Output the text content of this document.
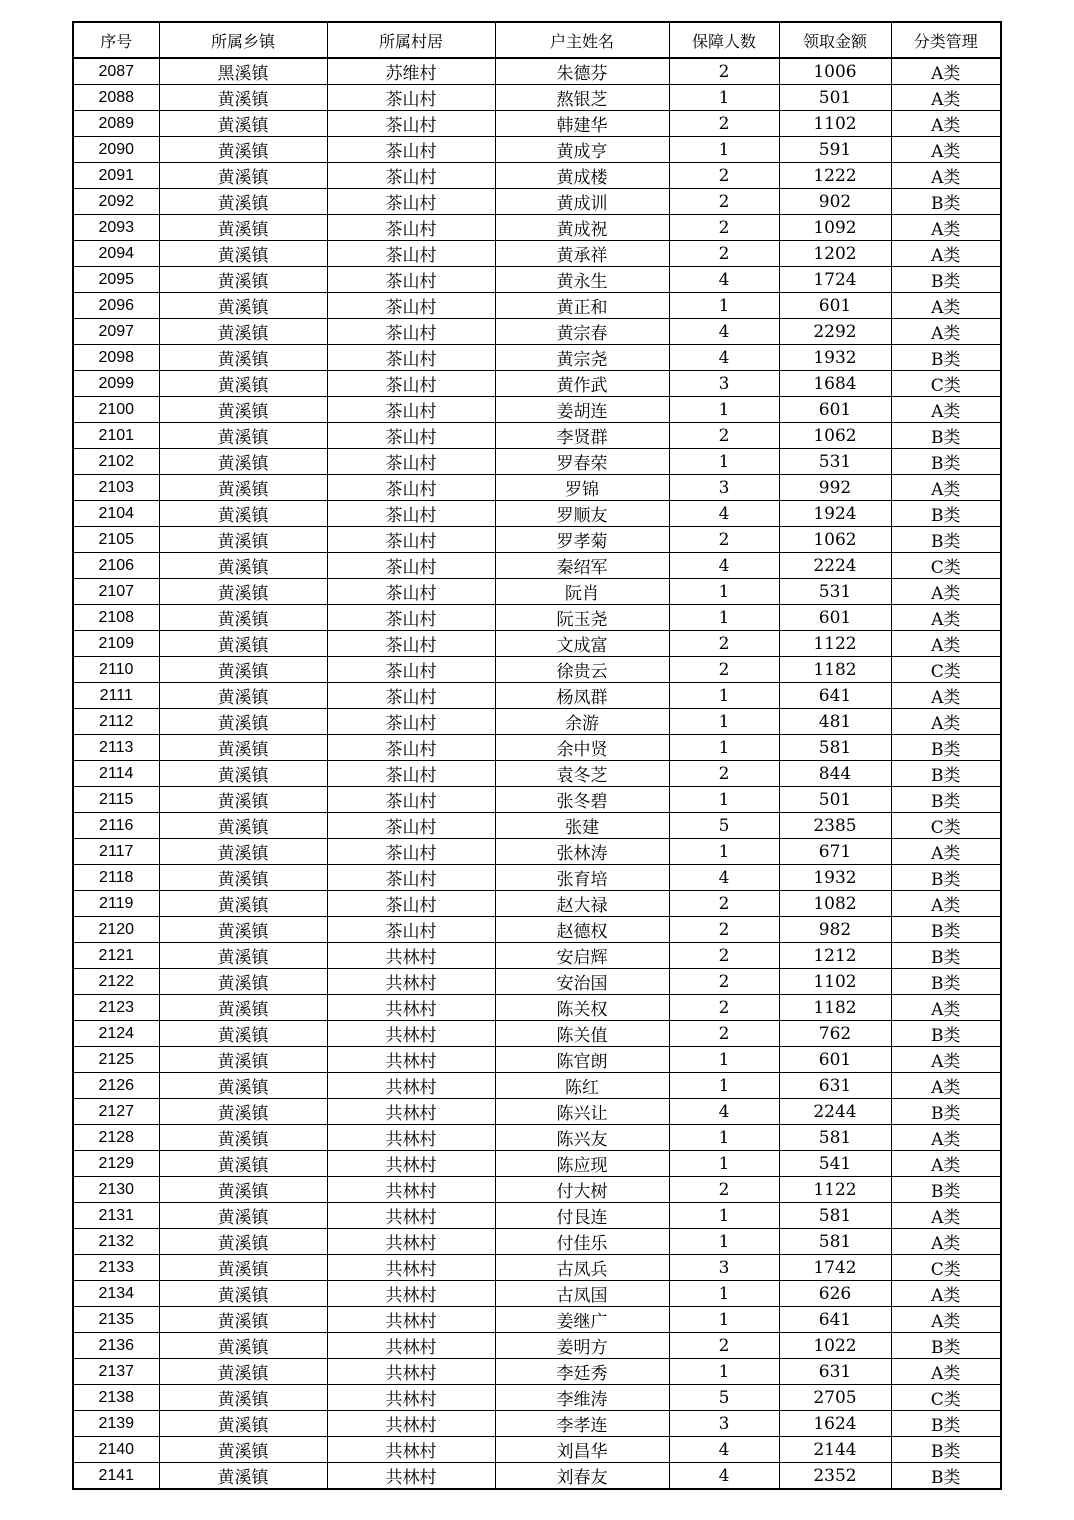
序号	所属乡镇	所属村居	户主姓名	保障人数	领取金额	分类管理
2087	黑溪镇	苏维村	朱德芬	2	1006	A类
2088	黄溪镇	茶山村	熬银芝	1	501	A类
2089	黄溪镇	茶山村	韩建华	2	1102	A类
2090	黄溪镇	茶山村	黄成亨	1	591	A类
2091	黄溪镇	茶山村	黄成楼	2	1222	A类
2092	黄溪镇	茶山村	黄成训	2	902	B类
2093	黄溪镇	茶山村	黄成祝	2	1092	A类
2094	黄溪镇	茶山村	黄承祥	2	1202	A类
2095	黄溪镇	茶山村	黄永生	4	1724	B类
2096	黄溪镇	茶山村	黄正和	1	601	A类
2097	黄溪镇	茶山村	黄宗春	4	2292	A类
2098	黄溪镇	茶山村	黄宗尧	4	1932	B类
2099	黄溪镇	茶山村	黄作武	3	1684	C类
2100	黄溪镇	茶山村	姜胡连	1	601	A类
2101	黄溪镇	茶山村	李贤群	2	1062	B类
2102	黄溪镇	茶山村	罗春荣	1	531	B类
2103	黄溪镇	茶山村	罗锦	3	992	A类
2104	黄溪镇	茶山村	罗顺友	4	1924	B类
2105	黄溪镇	茶山村	罗孝菊	2	1062	B类
2106	黄溪镇	茶山村	秦绍军	4	2224	C类
2107	黄溪镇	茶山村	阮肖	1	531	A类
2108	黄溪镇	茶山村	阮玉尧	1	601	A类
2109	黄溪镇	茶山村	文成富	2	1122	A类
2110	黄溪镇	茶山村	徐贵云	2	1182	C类
2111	黄溪镇	茶山村	杨凤群	1	641	A类
2112	黄溪镇	茶山村	余游	1	481	A类
2113	黄溪镇	茶山村	余中贤	1	581	B类
2114	黄溪镇	茶山村	袁冬芝	2	844	B类
2115	黄溪镇	茶山村	张冬碧	1	501	B类
2116	黄溪镇	茶山村	张建	5	2385	C类
2117	黄溪镇	茶山村	张林涛	1	671	A类
2118	黄溪镇	茶山村	张育培	4	1932	B类
2119	黄溪镇	茶山村	赵大禄	2	1082	A类
2120	黄溪镇	茶山村	赵德权	2	982	B类
2121	黄溪镇	共林村	安启辉	2	1212	B类
2122	黄溪镇	共林村	安治国	2	1102	B类
2123	黄溪镇	共林村	陈关权	2	1182	A类
2124	黄溪镇	共林村	陈关值	2	762	B类
2125	黄溪镇	共林村	陈官朗	1	601	A类
2126	黄溪镇	共林村	陈红	1	631	A类
2127	黄溪镇	共林村	陈兴让	4	2244	B类
2128	黄溪镇	共林村	陈兴友	1	581	A类
2129	黄溪镇	共林村	陈应现	1	541	A类
2130	黄溪镇	共林村	付大树	2	1122	B类
2131	黄溪镇	共林村	付艮连	1	581	A类
2132	黄溪镇	共林村	付佳乐	1	581	A类
2133	黄溪镇	共林村	古凤兵	3	1742	C类
2134	黄溪镇	共林村	古凤国	1	626	A类
2135	黄溪镇	共林村	姜继广	1	641	A类
2136	黄溪镇	共林村	姜明方	2	1022	B类
2137	黄溪镇	共林村	李廷秀	1	631	A类
2138	黄溪镇	共林村	李维涛	5	2705	C类
2139	黄溪镇	共林村	李孝连	3	1624	B类
2140	黄溪镇	共林村	刘昌华	4	2144	B类
2141	黄溪镇	共林村	刘春友	4	2352	B类
